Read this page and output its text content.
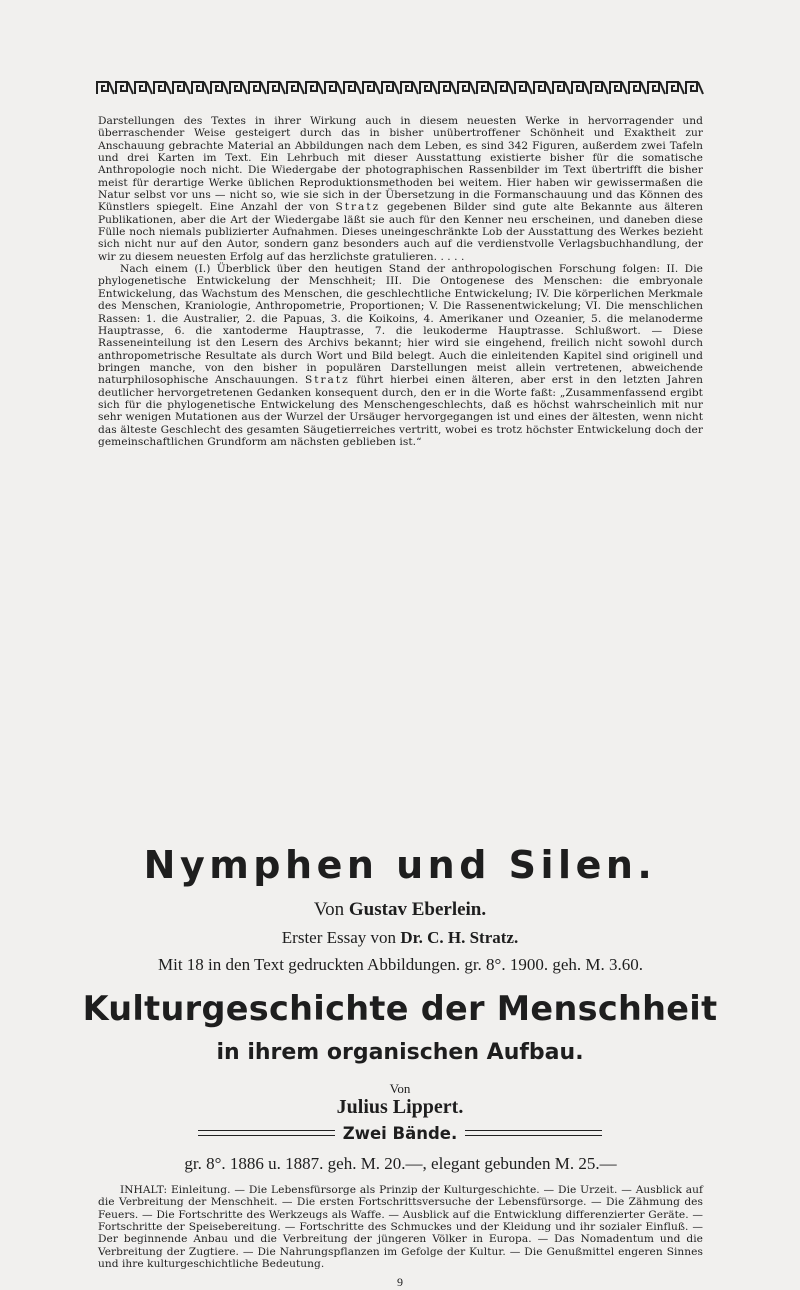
Darstellungen des Textes in ihrer Wirkung auch in diesem neuesten Werke in hervorragender und überraschender Weise gesteigert durch das in bisher unübertroffener Schönheit und Exaktheit zur Anschauung gebrachte Material an Abbildungen nach dem Leben, es sind 342 Figuren, außerdem zwei Tafeln und drei Karten im Text. Ein Lehrbuch mit dieser Ausstattung existierte bisher für die somatische Anthropologie noch nicht. Die Wiedergabe der photographischen Rassenbilder im Text übertrifft die bisher meist für derartige Werke üblichen Reproduktionsmethoden bei weitem. Hier haben wir gewissermaßen die Natur selbst vor uns — nicht so, wie sie sich in der Übersetzung in die Formanschauung und das Können des Künstlers spiegelt. Eine Anzahl der von Stratz gegebenen Bilder sind gute alte Bekannte aus älteren Publikationen, aber die Art der Wiedergabe läßt sie auch für den Kenner neu erscheinen, und daneben diese Fülle noch niemals publizierter Aufnahmen. Dieses uneingeschränkte Lob der Ausstattung des Werkes bezieht sich nicht nur auf den Autor, sondern ganz besonders auch auf die verdienstvolle Verlagsbuchhandlung, der wir zu diesem neuesten Erfolg auf das herzlichste gratulieren. . . . .

Nach einem (I.) Überblick über den heutigen Stand der anthropologischen Forschung folgen: II. Die phylogenetische Entwickelung der Menschheit; III. Die Ontogenese des Menschen: die embryonale Entwickelung, das Wachstum des Menschen, die geschlechtliche Entwickelung; IV. Die körperlichen Merkmale des Menschen, Kraniologie, Anthropometrie, Proportionen; V. Die Rassenentwickelung; VI. Die menschlichen Rassen: 1. die Australier, 2. die Papuas, 3. die Koikoins, 4. Amerikaner und Ozeanier, 5. die melanoderme Hauptrasse, 6. die xantoderme Hauptrasse, 7. die leukoderme Hauptrasse. Schlußwort. — Diese Rasseneinteilung ist den Lesern des Archivs bekannt; hier wird sie eingehend, freilich nicht sowohl durch anthropometrische Resultate als durch Wort und Bild belegt. Auch die einleitenden Kapitel sind originell und bringen manche, von den bisher in populären Darstellungen meist allein vertretenen, abweichende naturphilosophische Anschauungen. Stratz führt hierbei einen älteren, aber erst in den letzten Jahren deutlicher hervorgetretenen Gedanken konsequent durch, den er in die Worte faßt: „Zusammenfassend ergibt sich für die phylogenetische Entwickelung des Menschengeschlechts, daß es höchst wahrscheinlich mit nur sehr wenigen Mutationen aus der Wurzel der Ursäuger hervorgegangen ist und eines der ältesten, wenn nicht das älteste Geschlecht des gesamten Säugetierreiches vertritt, wobei es trotz höchster Entwickelung doch der gemeinschaftlichen Grundform am nächsten geblieben ist.“

Nymphen und Silen.
Von Gustav Eberlein.
Erster Essay von Dr. C. H. Stratz.
Mit 18 in den Text gedruckten Abbildungen. gr. 8°. 1900. geh. M. 3.60.
Kulturgeschichte der Menschheit
in ihrem organischen Aufbau.
Von
Julius Lippert.
Zwei Bände.
gr. 8°. 1886 u. 1887. geh. M. 20.—, elegant gebunden M. 25.—

INHALT: Einleitung. — Die Lebensfürsorge als Prinzip der Kulturgeschichte. — Die Urzeit. — Ausblick auf die Verbreitung der Menschheit. — Die ersten Fortschrittsversuche der Lebensfürsorge. — Die Zähmung des Feuers. — Die Fortschritte des Werkzeugs als Waffe. — Ausblick auf die Entwicklung differenzierter Geräte. — Fortschritte der Speisebereitung. — Fortschritte des Schmuckes und der Kleidung und ihr sozialer Einfluß. — Der beginnende Anbau und die Verbreitung der jüngeren Völker in Europa. — Das Nomadentum und die Verbreitung der Zugtiere. — Die Nahrungspflanzen im Gefolge der Kultur. — Die Genußmittel engeren Sinnes und ihre kulturgeschichtliche Bedeutung.

9
